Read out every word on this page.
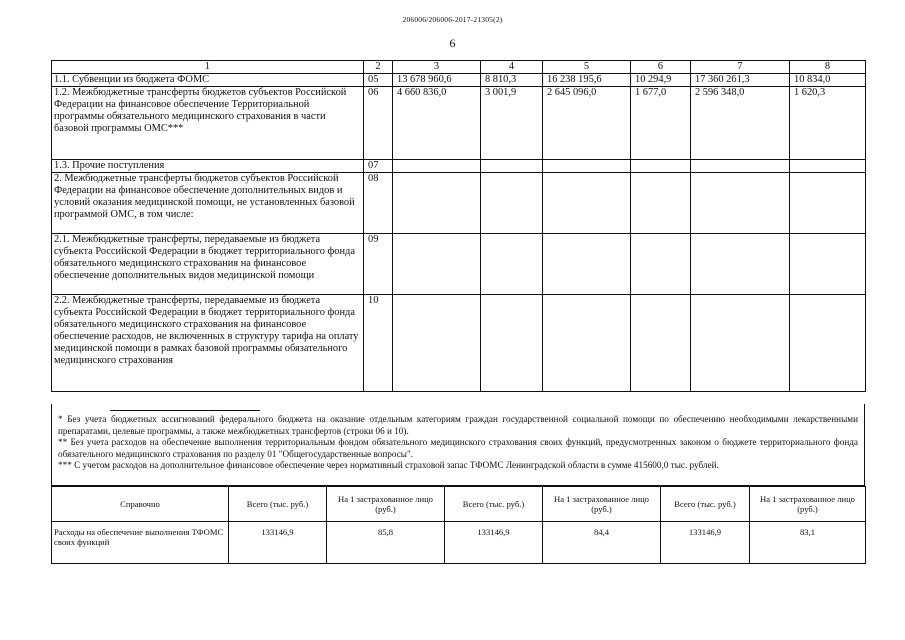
206006/206006-2017-21305(2)
6
1	2	3	4	5	6	7	8
1.1. Субвенции из бюджета ФОМС	05	13 678 960,6	8 810,3	16 238 195,6	10 294,9	17 360 261,3	10 834,0
1.2. Межбюджетные трансферты бюджетов субъектов Российской Федерации на финансовое обеспечение Территориальной программы обязательного медицинского страхования в части базовой программы ОМС***	06	4 660 836,0	3 001,9	2 645 096,0	1 677,0	2 596 348,0	1 620,3
1.3. Прочие поступления	07						
2. Межбюджетные трансферты бюджетов субъектов Российской Федерации на финансовое обеспечение дополнительных видов и условий оказания медицинской помощи, не установленных базовой программой ОМС, в том числе:	08						
2.1. Межбюджетные трансферты, передаваемые из бюджета субъекта Российской Федерации в бюджет территориального фонда обязательного медицинского страхования на финансовое обеспечение дополнительных видов медицинской помощи	09						
2.2. Межбюджетные трансферты, передаваемые из бюджета субъекта Российской Федерации в бюджет территориального фонда обязательного медицинского страхования на финансовое обеспечение расходов, не включенных в структуру тарифа на оплату медицинской помощи в рамках базовой программы обязательного медицинского страхования	10						

* Без учета бюджетных ассигнований федерального бюджета на оказание отдельным категориям граждан государственной социальной помощи по обеспечению необходимыми лекарственными препаратами, целевые программы, а также межбюджетных трансфертов (строки 06 и 10).

** Без учета расходов на обеспечение выполнения территориальным фондом обязательного медицинского страхования своих функций, предусмотренных законом о бюджете территориального фонда обязательного медицинского страхования по разделу 01 "Общегосударственные вопросы".

*** С учетом расходов на дополнительное финансовое обеспечение через нормативный страховой запас ТФОМС Ленинградской области в сумме 415600,0 тыс. рублей.

Справочно	Всего (тыс. руб.)	На 1 застрахованное лицо (руб.)	Всего (тыс. руб.)	На 1 застрахованное лицо (руб.)	Всего (тыс. руб.)	На 1 застрахованное лицо (руб.)
Расходы на обеспечение выполнения ТФОМС своих функций	133146,9	85,8	133146,9	84,4	133146,9	83,1
